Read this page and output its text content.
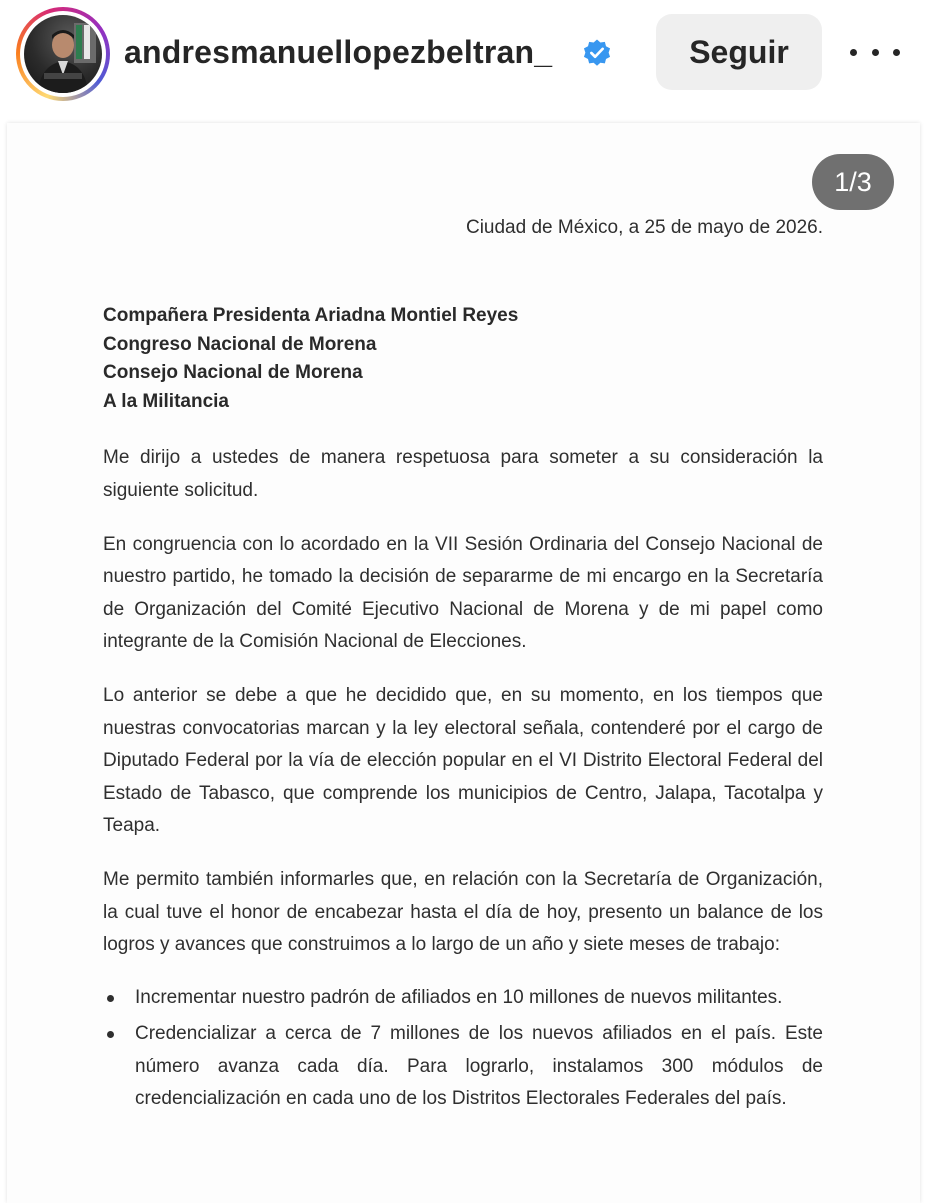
andresmanuellopezbeltran_	Seguir
1/3

Ciudad de México, a 25 de mayo de 2026.

Compañera Presidenta Ariadna Montiel Reyes

Congreso Nacional de Morena

Consejo Nacional de Morena

A la Militancia

Me dirijo a ustedes de manera respetuosa para someter a su consideración la siguiente solicitud.

En congruencia con lo acordado en la VII Sesión Ordinaria del Consejo Nacional de nuestro partido, he tomado la decisión de separarme de mi encargo en la Secretaría de Organización del Comité Ejecutivo Nacional de Morena y de mi papel como integrante de la Comisión Nacional de Elecciones.

Lo anterior se debe a que he decidido que, en su momento, en los tiempos que nuestras convocatorias marcan y la ley electoral señala, contenderé por el cargo de Diputado Federal por la vía de elección popular en el VI Distrito Electoral Federal del Estado de Tabasco, que comprende los municipios de Centro, Jalapa, Tacotalpa y Teapa.

Me permito también informarles que, en relación con la Secretaría de Organización, la cual tuve el honor de encabezar hasta el día de hoy, presento un balance de los logros y avances que construimos a lo largo de un año y siete meses de trabajo:

Incrementar nuestro padrón de afiliados en 10 millones de nuevos militantes.
Credencializar a cerca de 7 millones de los nuevos afiliados en el país. Este número avanza cada día. Para lograrlo, instalamos 300 módulos de credencialización en cada uno de los Distritos Electorales Federales del país.
